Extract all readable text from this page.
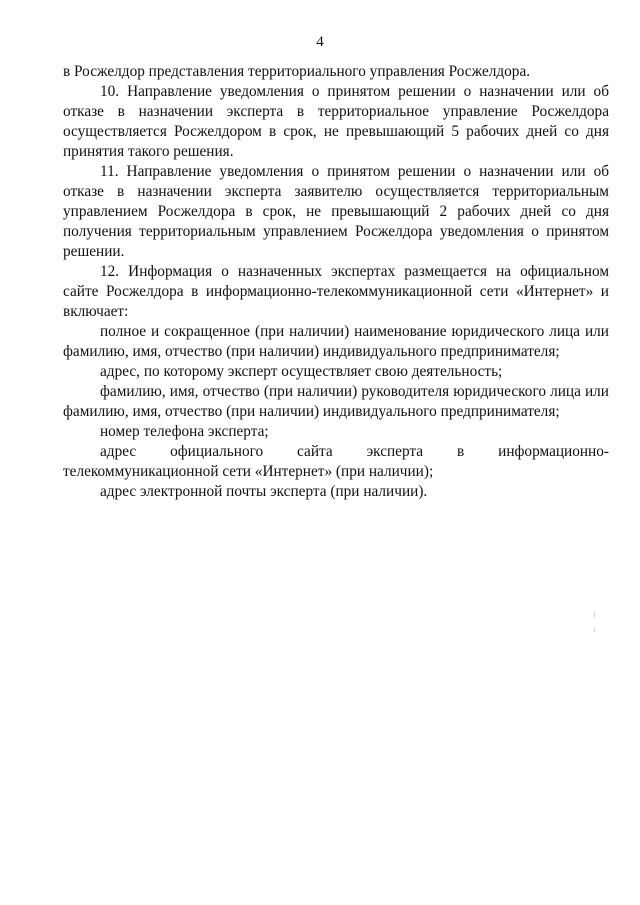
4

в Росжелдор представления территориального управления Росжелдора.

10. Направление уведомления о принятом решении о назначении или об отказе в назначении эксперта в территориальное управление Росжелдора осуществляется Росжелдором в срок, не превышающий 5 рабочих дней со дня принятия такого решения.

11. Направление уведомления о принятом решении о назначении или об отказе в назначении эксперта заявителю осуществляется территориальным управлением Росжелдора в срок, не превышающий 2 рабочих дней со дня получения территориальным управлением Росжелдора уведомления о принятом решении.

12. Информация о назначенных экспертах размещается на официальном сайте Росжелдора в информационно-телекоммуникационной сети «Интернет» и включает:

полное и сокращенное (при наличии) наименование юридического лица или фамилию, имя, отчество (при наличии) индивидуального предпринимателя;

адрес, по которому эксперт осуществляет свою деятельность;

фамилию, имя, отчество (при наличии) руководителя юридического лица или фамилию, имя, отчество (при наличии) индивидуального предпринимателя;

номер телефона эксперта;

адрес официального сайта эксперта в информационно-телекоммуникационной сети «Интернет» (при наличии);

адрес электронной почты эксперта (при наличии).
